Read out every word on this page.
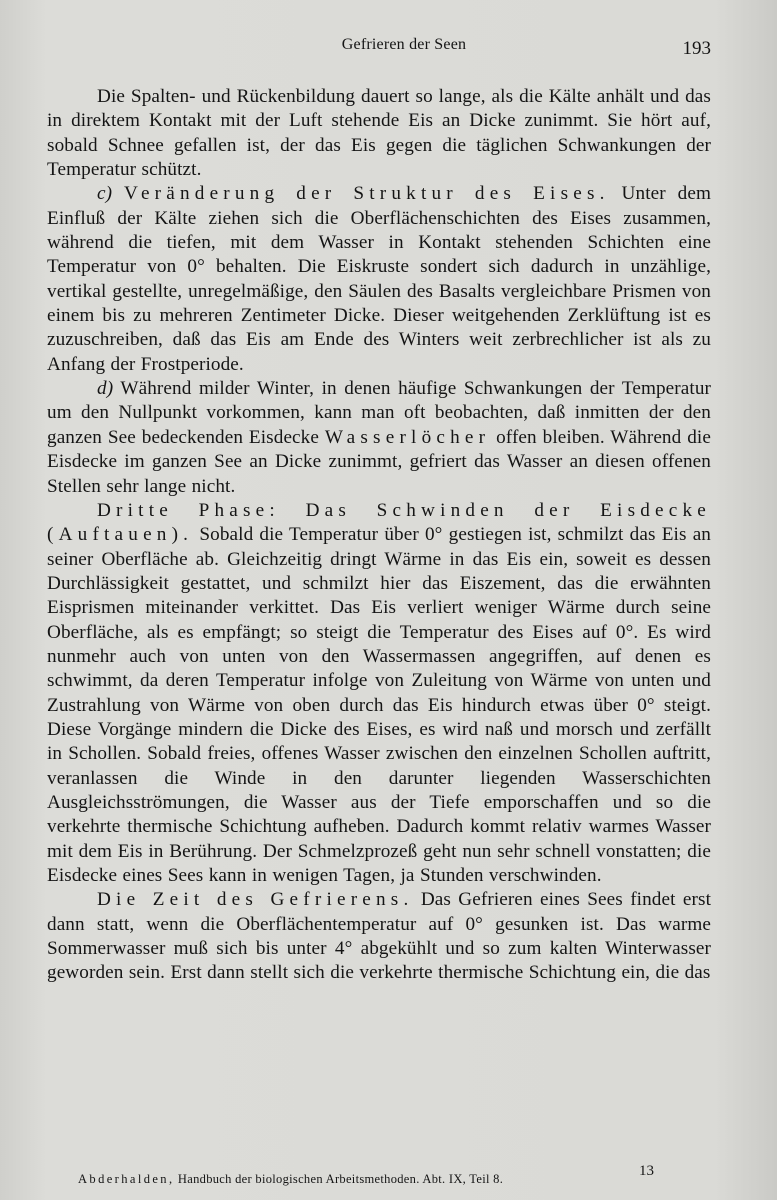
Gefrieren der Seen	193

Die Spalten- und Rückenbildung dauert so lange, als die Kälte anhält und das in direktem Kontakt mit der Luft stehende Eis an Dicke zunimmt. Sie hört auf, sobald Schnee gefallen ist, der das Eis gegen die täglichen Schwankungen der Temperatur schützt.

c) Veränderung der Struktur des Eises. Unter dem Einfluß der Kälte ziehen sich die Oberflächenschichten des Eises zusammen, während die tiefen, mit dem Wasser in Kontakt stehenden Schichten eine Temperatur von 0° behalten. Die Eiskruste sondert sich dadurch in unzählige, vertikal gestellte, unregelmäßige, den Säulen des Basalts vergleichbare Prismen von einem bis zu mehreren Zentimeter Dicke. Dieser weitgehenden Zerklüftung ist es zuzuschreiben, daß das Eis am Ende des Winters weit zerbrechlicher ist als zu Anfang der Frostperiode.

d) Während milder Winter, in denen häufige Schwankungen der Temperatur um den Nullpunkt vorkommen, kann man oft beobachten, daß inmitten der den ganzen See bedeckenden Eisdecke Wasserlöcher offen bleiben. Während die Eisdecke im ganzen See an Dicke zunimmt, gefriert das Wasser an diesen offenen Stellen sehr lange nicht.

Dritte Phase: Das Schwinden der Eisdecke (Auftauen). Sobald die Temperatur über 0° gestiegen ist, schmilzt das Eis an seiner Oberfläche ab. Gleichzeitig dringt Wärme in das Eis ein, soweit es dessen Durchlässigkeit gestattet, und schmilzt hier das Eiszement, das die erwähnten Eisprismen miteinander verkittet. Das Eis verliert weniger Wärme durch seine Oberfläche, als es empfängt; so steigt die Temperatur des Eises auf 0°. Es wird nunmehr auch von unten von den Wassermassen angegriffen, auf denen es schwimmt, da deren Temperatur infolge von Zuleitung von Wärme von unten und Zustrahlung von Wärme von oben durch das Eis hindurch etwas über 0° steigt. Diese Vorgänge mindern die Dicke des Eises, es wird naß und morsch und zerfällt in Schollen. Sobald freies, offenes Wasser zwischen den einzelnen Schollen auftritt, veranlassen die Winde in den darunter liegenden Wasserschichten Ausgleichsströmungen, die Wasser aus der Tiefe emporschaffen und so die verkehrte thermische Schichtung aufheben. Dadurch kommt relativ warmes Wasser mit dem Eis in Berührung. Der Schmelzprozeß geht nun sehr schnell vonstatten; die Eisdecke eines Sees kann in wenigen Tagen, ja Stunden verschwinden.

Die Zeit des Gefrierens. Das Gefrieren eines Sees findet erst dann statt, wenn die Oberflächentemperatur auf 0° gesunken ist. Das warme Sommerwasser muß sich bis unter 4° abgekühlt und so zum kalten Winterwasser geworden sein. Erst dann stellt sich die verkehrte thermische Schichtung ein, die das

Abderhalden, Handbuch der biologischen Arbeitsmethoden. Abt. IX, Teil 8.	13
